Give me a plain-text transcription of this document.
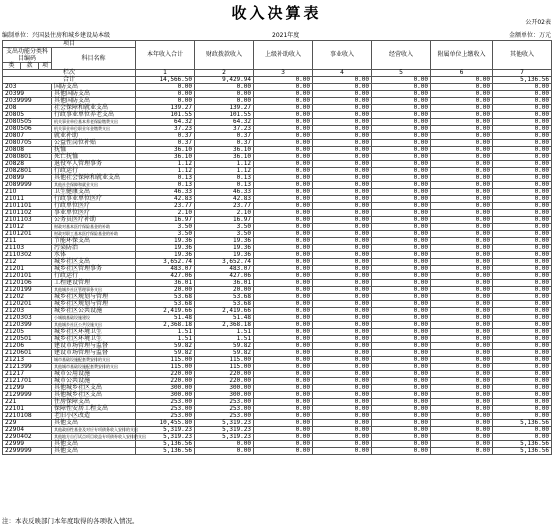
收入决算表
公开02表
编制单位：兴国县住房和城乡建设局本级	2021年度	金额单位：万元
项目				本年收入合计	财政拨款收入	上级补助收入	事业收入	经营收入	附属单位上缴收入	其他收入
支出功能分类科目编码			科目名称							
类	款	项								
栏次				1	2	3	4	5	6	7
合计				14,566.50	9,429.94	0.00	0.00	0.00	0.00	5,136.56
203			国防支出	0.00	0.00	0.00	0.00	0.00	0.00	0.00
20399			其他国防支出	0.00	0.00	0.00	0.00	0.00	0.00	0.00
2039999			其他国防支出	0.00	0.00	0.00	0.00	0.00	0.00	0.00
208			社会保障和就业支出	139.27	139.27	0.00	0.00	0.00	0.00	0.00
20805			行政事业单位养老支出	101.55	101.55	0.00	0.00	0.00	0.00	0.00
2080505			机关事业单位基本养老保险缴费支出	64.32	64.32	0.00	0.00	0.00	0.00	0.00
2080506			机关事业单位职业年金缴费支出	37.23	37.23	0.00	0.00	0.00	0.00	0.00
20807			就业补助	0.37	0.37	0.00	0.00	0.00	0.00	0.00
2080705			公益性岗位补贴	0.37	0.37	0.00	0.00	0.00	0.00	0.00
20808			抚恤	36.10	36.10	0.00	0.00	0.00	0.00	0.00
2080801			死亡抚恤	36.10	36.10	0.00	0.00	0.00	0.00	0.00
20828			退役军人管理事务	1.12	1.12	0.00	0.00	0.00	0.00	0.00
2082801			行政运行	1.12	1.12	0.00	0.00	0.00	0.00	0.00
20899			其他社会保障和就业支出	0.13	0.13	0.00	0.00	0.00	0.00	0.00
2089999			其他社会保障和就业支出	0.13	0.13	0.00	0.00	0.00	0.00	0.00
210			卫生健康支出	46.33	46.33	0.00	0.00	0.00	0.00	0.00
21011			行政事业单位医疗	42.83	42.83	0.00	0.00	0.00	0.00	0.00
2101101			行政单位医疗	23.77	23.77	0.00	0.00	0.00	0.00	0.00
2101102			事业单位医疗	2.10	2.10	0.00	0.00	0.00	0.00	0.00
2101103			公务员医疗补助	16.97	16.97	0.00	0.00	0.00	0.00	0.00
21012			财政对基本医疗保险基金的补助	3.50	3.50	0.00	0.00	0.00	0.00	0.00
2101201			财政对职工基本医疗保险基金的补助	3.50	3.50	0.00	0.00	0.00	0.00	0.00
211			节能环保支出	19.36	19.36	0.00	0.00	0.00	0.00	0.00
21103			污染防治	19.36	19.36	0.00	0.00	0.00	0.00	0.00
2110302			水体	19.36	19.36	0.00	0.00	0.00	0.00	0.00
212			城乡社区支出	3,652.74	3,652.74	0.00	0.00	0.00	0.00	0.00
21201			城乡社区管理事务	483.07	483.07	0.00	0.00	0.00	0.00	0.00
2120101			行政运行	427.06	427.06	0.00	0.00	0.00	0.00	0.00
2120106			工程建设管理	36.01	36.01	0.00	0.00	0.00	0.00	0.00
2120199			其他城乡社区管理事务支出	20.00	20.00	0.00	0.00	0.00	0.00	0.00
21202			城乡社区规划与管理	53.68	53.68	0.00	0.00	0.00	0.00	0.00
2120201			城乡社区规划与管理	53.68	53.68	0.00	0.00	0.00	0.00	0.00
21203			城乡社区公共设施	2,419.66	2,419.66	0.00	0.00	0.00	0.00	0.00
2120303			小城镇基础设施建设	51.48	51.48	0.00	0.00	0.00	0.00	0.00
2120399			其他城乡社区公共设施支出	2,368.18	2,368.18	0.00	0.00	0.00	0.00	0.00
21205			城乡社区环境卫生	1.51	1.51	0.00	0.00	0.00	0.00	0.00
2120501			城乡社区环境卫生	1.51	1.51	0.00	0.00	0.00	0.00	0.00
21206			建设市场管理与监督	59.82	59.82	0.00	0.00	0.00	0.00	0.00
2120601			建设市场管理与监督	59.82	59.82	0.00	0.00	0.00	0.00	0.00
21213			城市基础设施配套费安排的支出	115.00	115.00	0.00	0.00	0.00	0.00	0.00
2121399			其他城市基础设施配套费安排的支出	115.00	115.00	0.00	0.00	0.00	0.00	0.00
21217			城市公用设施	220.00	220.00	0.00	0.00	0.00	0.00	0.00
2121701			城市公共设施	220.00	220.00	0.00	0.00	0.00	0.00	0.00
21299			其他城乡社区支出	300.00	300.00	0.00	0.00	0.00	0.00	0.00
2129999			其他城乡社区支出	300.00	300.00	0.00	0.00	0.00	0.00	0.00
221			住房保障支出	253.00	253.00	0.00	0.00	0.00	0.00	0.00
22101			保障性安居工程支出	253.00	253.00	0.00	0.00	0.00	0.00	0.00
2210108			老旧小区改造	253.00	253.00	0.00	0.00	0.00	0.00	0.00
229			其他支出	10,455.80	5,319.23	0.00	0.00	0.00	0.00	5,136.56
22904			其他政府性基金及对应专项债务收入安排的支出	5,319.23	5,319.23	0.00	0.00	0.00	0.00	0.00
2290402			其他地方自行试点项目收益专项债券收入安排的支出	5,319.23	5,319.23	0.00	0.00	0.00	0.00	0.00
22999			其他支出	5,136.56	0.00	0.00	0.00	0.00	0.00	5,136.56
2299999			其他支出	5,136.56	0.00	0.00	0.00	0.00	0.00	5,136.56
注：本表反映部门本年度取得的各项收入情况。
